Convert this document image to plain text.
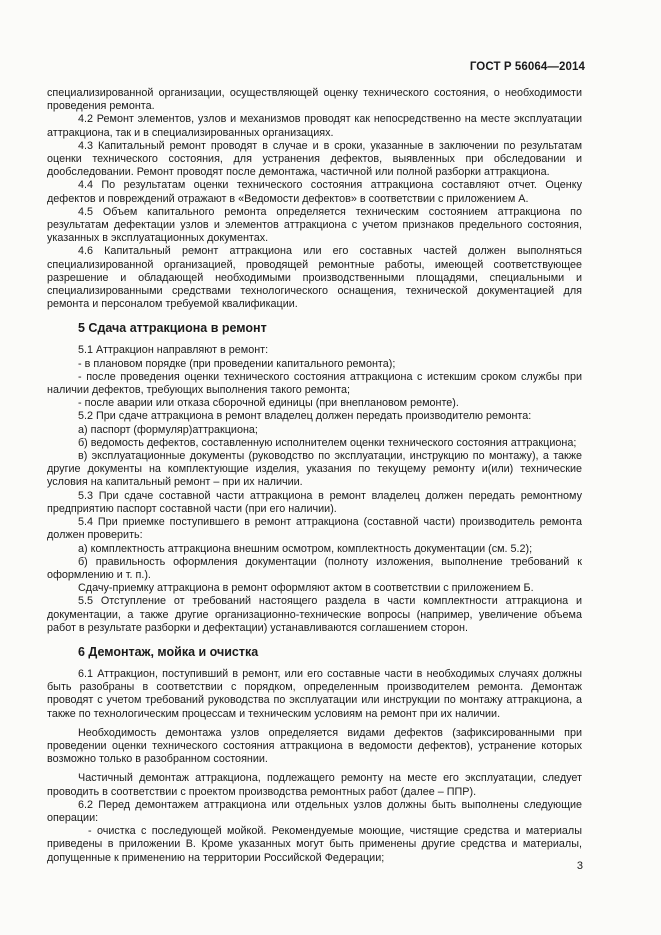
ГОСТ Р 56064—2014

специализированной организации, осуществляющей оценку технического состояния, о необходимости проведения ремонта.

4.2 Ремонт элементов, узлов и механизмов проводят как непосредственно на месте эксплуатации аттракциона, так и в специализированных организациях.

4.3 Капитальный ремонт проводят в случае и в сроки, указанные в заключении по результатам оценки технического состояния, для устранения дефектов, выявленных при обследовании и дообследовании. Ремонт проводят после демонтажа, частичной или полной разборки аттракциона.

4.4 По результатам оценки технического состояния аттракциона составляют отчет. Оценку дефектов и повреждений отражают в «Ведомости дефектов» в соответствии с приложением А.

4.5 Объем капитального ремонта определяется техническим состоянием аттракциона по результатам дефектации узлов и элементов аттракциона с учетом признаков предельного состояния, указанных в эксплуатационных документах.

4.6 Капитальный ремонт аттракциона или его составных частей должен выполняться специализированной организацией, проводящей ремонтные работы, имеющей соответствующее разрешение и обладающей необходимыми производственными площадями, специальными и специализированными средствами технологического оснащения, технической документацией для ремонта и персоналом требуемой квалификации.

5 Сдача аттракциона в ремонт

5.1 Аттракцион направляют в ремонт:

- в плановом порядке (при проведении капитального ремонта);

- после проведения оценки технического состояния аттракциона с истекшим сроком службы при наличии дефектов, требующих выполнения такого ремонта;

- после аварии или отказа сборочной единицы (при внеплановом ремонте).

5.2 При сдаче аттракциона в ремонт владелец должен передать производителю ремонта:

а) паспорт (формуляр)аттракциона;

б) ведомость дефектов, составленную исполнителем оценки технического состояния аттракциона;

в) эксплуатационные документы (руководство по эксплуатации, инструкцию по монтажу), а также другие документы на комплектующие изделия, указания по текущему ремонту и(или) технические условия на капитальный ремонт – при их наличии.

5.3 При сдаче составной части аттракциона в ремонт владелец должен передать ремонтному предприятию паспорт составной части (при его наличии).

5.4 При приемке поступившего в ремонт аттракциона (составной части) производитель ремонта должен проверить:

а) комплектность аттракциона внешним осмотром, комплектность документации (см. 5.2);

б) правильность оформления документации (полноту изложения, выполнение требований к оформлению и т. п.).

Сдачу-приемку аттракциона в ремонт оформляют актом в соответствии с приложением Б.

5.5 Отступление от требований настоящего раздела в части комплектности аттракциона и документации, а также другие организационно-технические вопросы (например, увеличение объема работ в результате разборки и дефектации) устанавливаются соглашением сторон.

6 Демонтаж, мойка и очистка

6.1 Аттракцион, поступивший в ремонт, или его составные части в необходимых случаях должны быть разобраны в соответствии с порядком, определенным производителем ремонта. Демонтаж проводят с учетом требований руководства по эксплуатации или инструкции по монтажу аттракциона, а также по технологическим процессам и техническим условиям на ремонт при их наличии.

Необходимость демонтажа узлов определяется видами дефектов (зафиксированными при проведении оценки технического состояния аттракциона в ведомости дефектов), устранение которых возможно только в разобранном состоянии.

Частичный демонтаж аттракциона, подлежащего ремонту на месте его эксплуатации, следует проводить в соответствии с проектом производства ремонтных работ (далее – ППР).

6.2 Перед демонтажем аттракциона или отдельных узлов должны быть выполнены следующие операции:

- очистка с последующей мойкой. Рекомендуемые моющие, чистящие средства и материалы приведены в приложении В. Кроме указанных могут быть применены другие средства и материалы, допущенные к применению на территории Российской Федерации;

3
